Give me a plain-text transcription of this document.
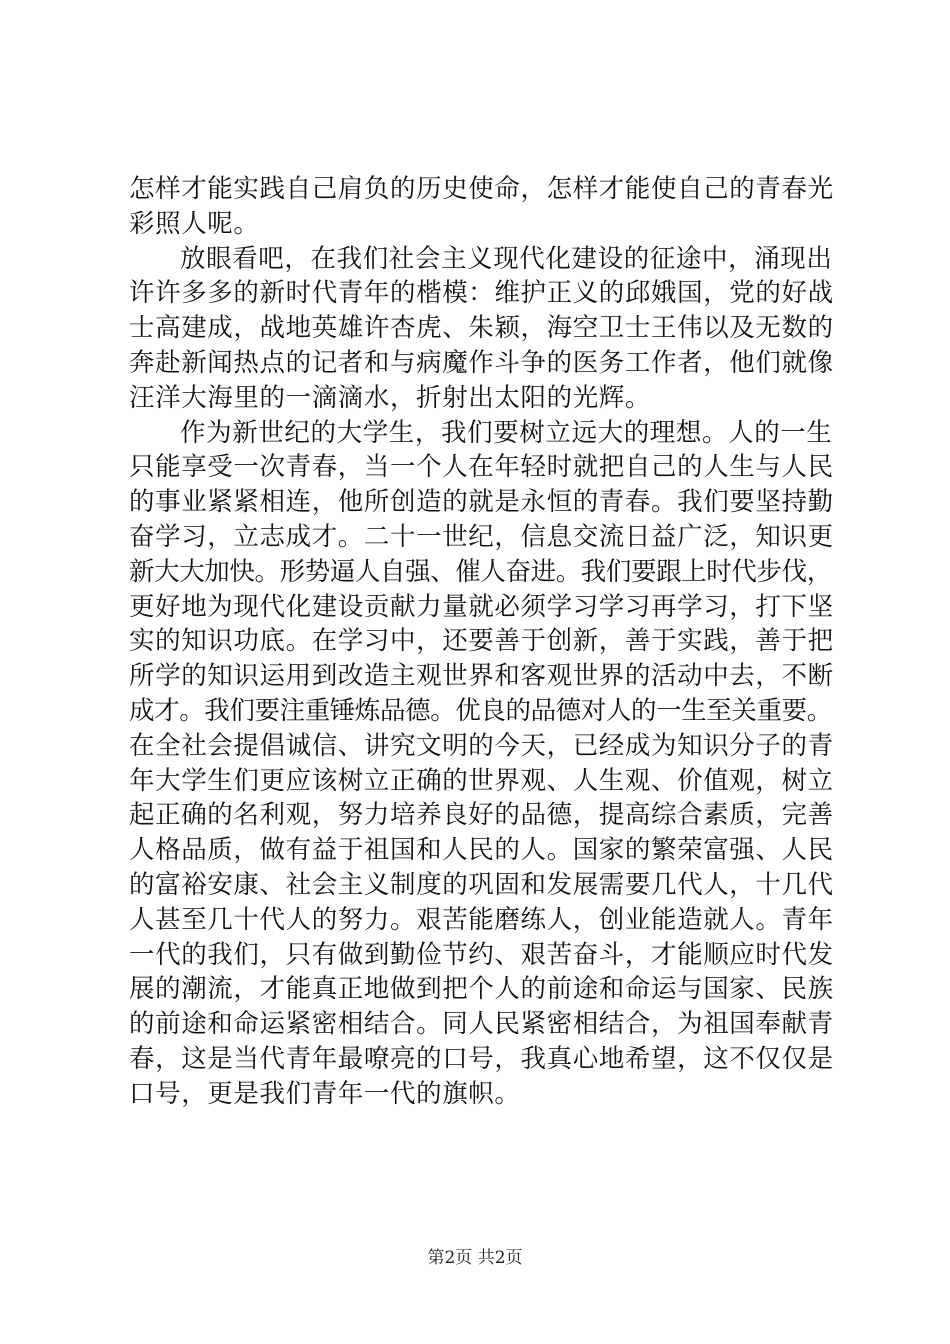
怎样才能实践自己肩负的历史使命，怎样才能使自己的青春光
彩照人呢。
放眼看吧，在我们社会主义现代化建设的征途中，涌现出
许许多多的新时代青年的楷模：维护正义的邱娥国，党的好战
士高建成，战地英雄许杏虎、朱颖，海空卫士王伟以及无数的
奔赴新闻热点的记者和与病魔作斗争的医务工作者，他们就像
汪洋大海里的一滴滴水，折射出太阳的光辉。
作为新世纪的大学生，我们要树立远大的理想。人的一生
只能享受一次青春，当一个人在年轻时就把自己的人生与人民
的事业紧紧相连，他所创造的就是永恒的青春。我们要坚持勤
奋学习，立志成才。二十一世纪，信息交流日益广泛，知识更
新大大加快。形势逼人自强、催人奋进。我们要跟上时代步伐，
更好地为现代化建设贡献力量就必须学习学习再学习，打下坚
实的知识功底。在学习中，还要善于创新，善于实践，善于把
所学的知识运用到改造主观世界和客观世界的活动中去，不断
成才。我们要注重锤炼品德。优良的品德对人的一生至关重要。
在全社会提倡诚信、讲究文明的今天，已经成为知识分子的青
年大学生们更应该树立正确的世界观、人生观、价值观，树立
起正确的名利观，努力培养良好的品德，提高综合素质，完善
人格品质，做有益于祖国和人民的人。国家的繁荣富强、人民
的富裕安康、社会主义制度的巩固和发展需要几代人，十几代
人甚至几十代人的努力。艰苦能磨练人，创业能造就人。青年
一代的我们，只有做到勤俭节约、艰苦奋斗，才能顺应时代发
展的潮流，才能真正地做到把个人的前途和命运与国家、民族
的前途和命运紧密相结合。同人民紧密相结合，为祖国奉献青
春，这是当代青年最嘹亮的口号，我真心地希望，这不仅仅是
口号，更是我们青年一代的旗帜。
第2页 共2页
